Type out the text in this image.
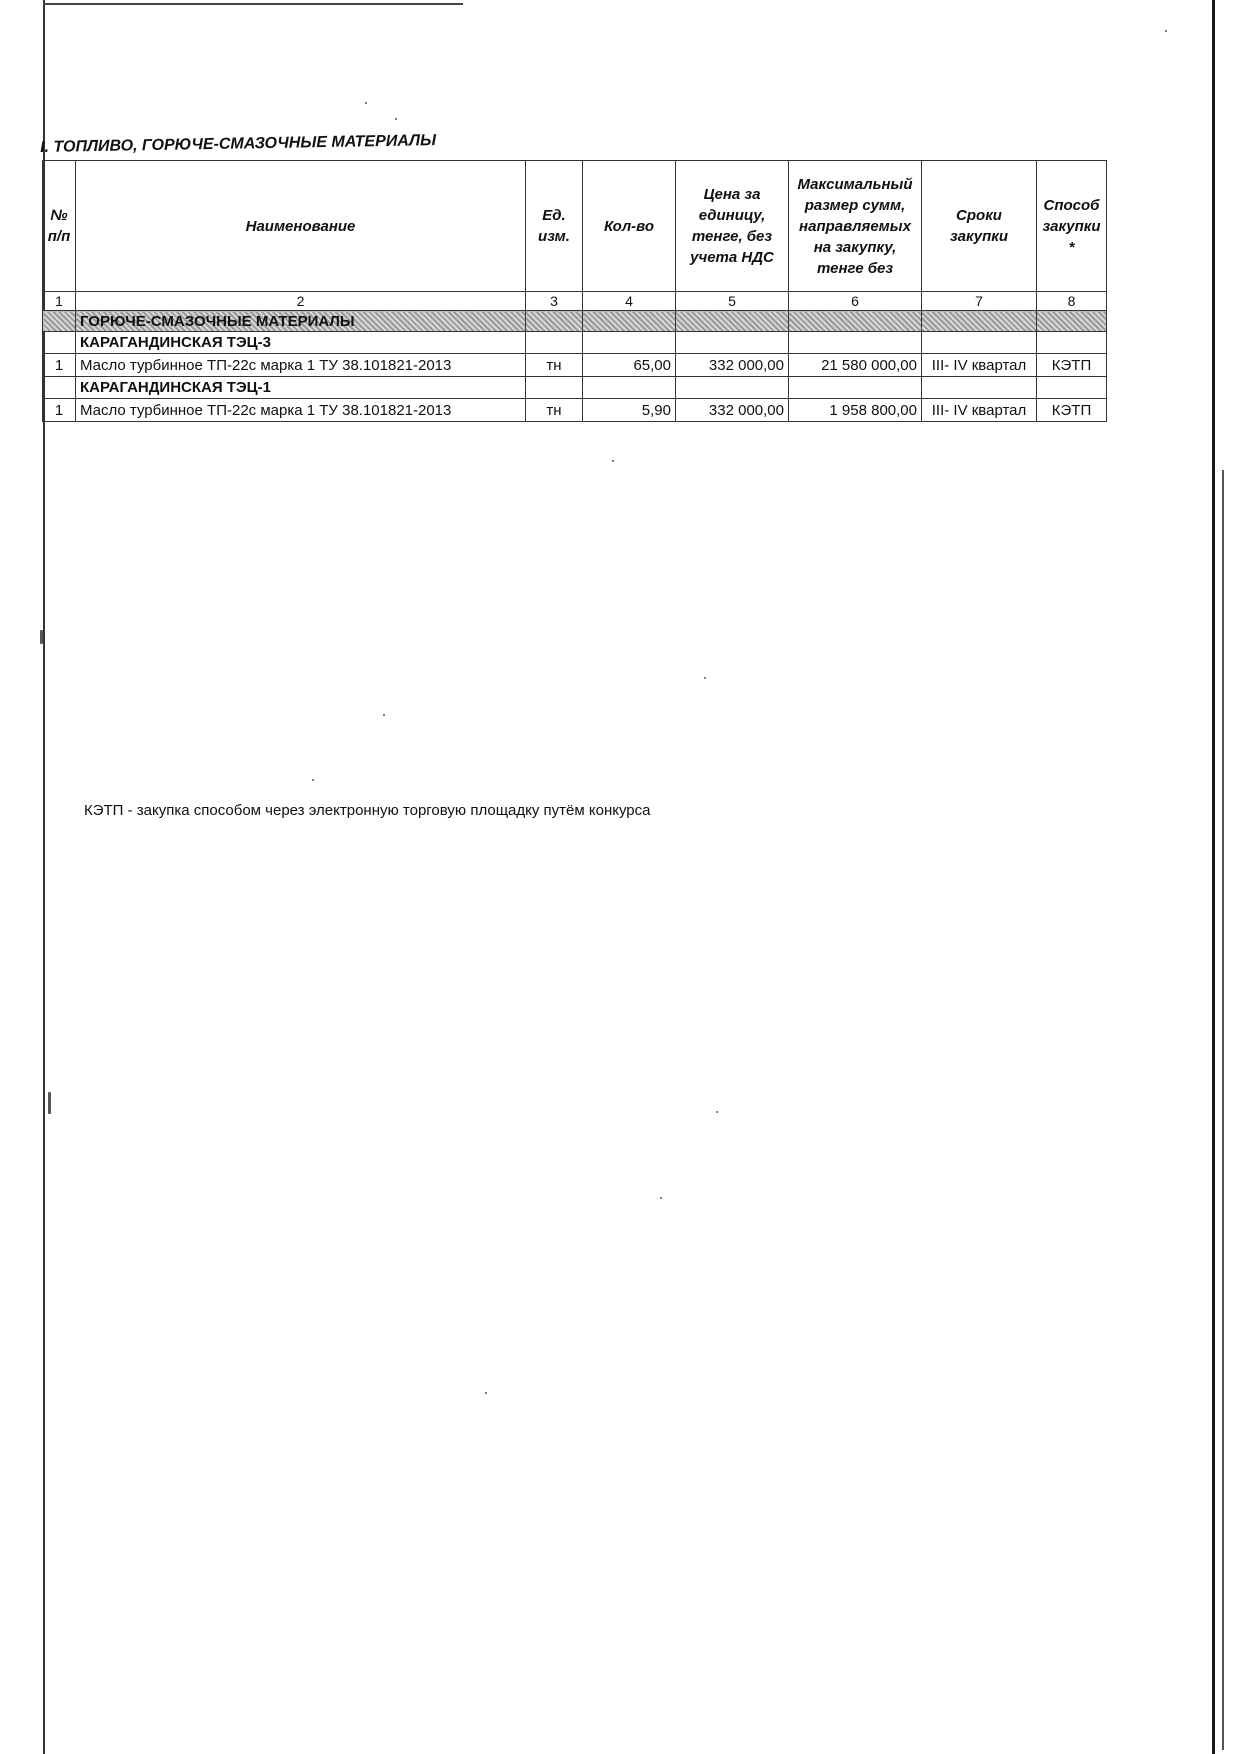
I. ТОПЛИВО, ГОРЮЧЕ-СМАЗОЧНЫЕ МАТЕРИАЛЫ
№ п/п	Наименование	Ед. изм.	Кол-во	Цена за единицу, тенге, без учета НДС	Максимальный размер сумм, направляемых на закупку, тенге без	Сроки закупки	Способ закупки *
1	2	3	4	5	6	7	8
	ГОРЮЧЕ-СМАЗОЧНЫЕ МАТЕРИАЛЫ						
	КАРАГАНДИНСКАЯ ТЭЦ-3						
1	Масло турбинное ТП-22с марка 1 ТУ 38.101821-2013	тн	65,00	332 000,00	21 580 000,00	III- IV квартал	КЭТП
	КАРАГАНДИНСКАЯ ТЭЦ-1						
1	Масло турбинное ТП-22с марка 1 ТУ 38.101821-2013	тн	5,90	332 000,00	1 958 800,00	III- IV квартал	КЭТП
КЭТП - закупка способом через электронную торговую площадку путём конкурса
